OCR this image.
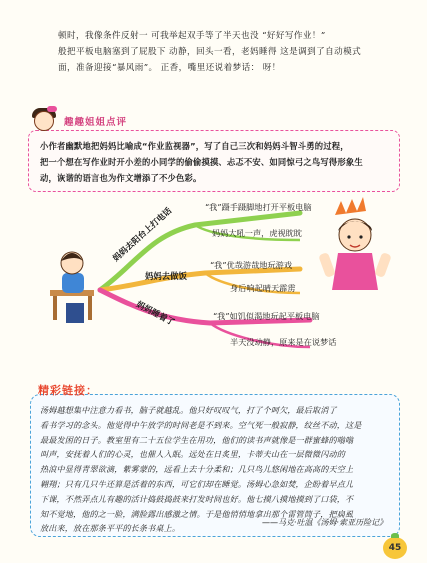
顿时，我像条件反射一 可我举起双手等了半天也没 “好好写作业！”
般把平板电脑塞到了屁股下 动静，回头一看，老妈睡得 这是调到了自动模式
面，准备迎接“暴风雨”。 正香，嘴里还说着梦话： 呀！
趣趣姐姐点评
小作者幽默地把妈妈比喻成“作业监视器”，写了自己三次和妈妈斗智斗勇的过程，
把一个想在写作业时开小差的小同学的偷偷摸摸、忐忑不安、如同惊弓之鸟写得形象生
动，诙谐的语言也为作文增添了不少色彩。
妈妈去阳台上打电话
妈妈去做饭
妈妈睡着了
“我”蹑手蹑脚地打开平板电脑
妈妈大吼一声，虎视眈眈
“我”优哉游哉地玩游戏
身后响起晴天霹雳
“我”如饥似渴地玩起平板电脑
半天没动静，原来是在说梦话
精彩链接：
汤姆越想集中注意力看书，脑子就越乱。他只好叹叹气，打了个呵欠，最后取消了
看书学习的念头。他觉得中午放学的时间老是不到来。空气死一般寂静，纹丝不动，这是
最最发困的日子。教室里有二十五位学生在用功，他们的读书声就像是一群蜜蜂的嗡嗡
叫声，安抚着人们的心灵，也催人入眠。远处在日炙里，卡蒂夫山在一层微微闪动的
热浪中显得青翠欲滴，紫雾蒙的，远看上去十分柔和；几只鸟儿悠闲地在高高的天空上
翱翔；只有几只牛还算是活着的东西，可它们却在睡觉。汤姆心急如焚，企盼着早点儿
下课，不然弄点儿有趣的活计捣鼓捣鼓来打发时间也好。他七摸八摸地摸到了口袋，不
知不觉地，他的之一脸，满脸露出感激之情。于是他悄悄地拿出那个雷管筒子，把扁虱
放出来，放在那条平平的长条书桌上。
——马克·吐温《汤姆·索亚历险记》
45
